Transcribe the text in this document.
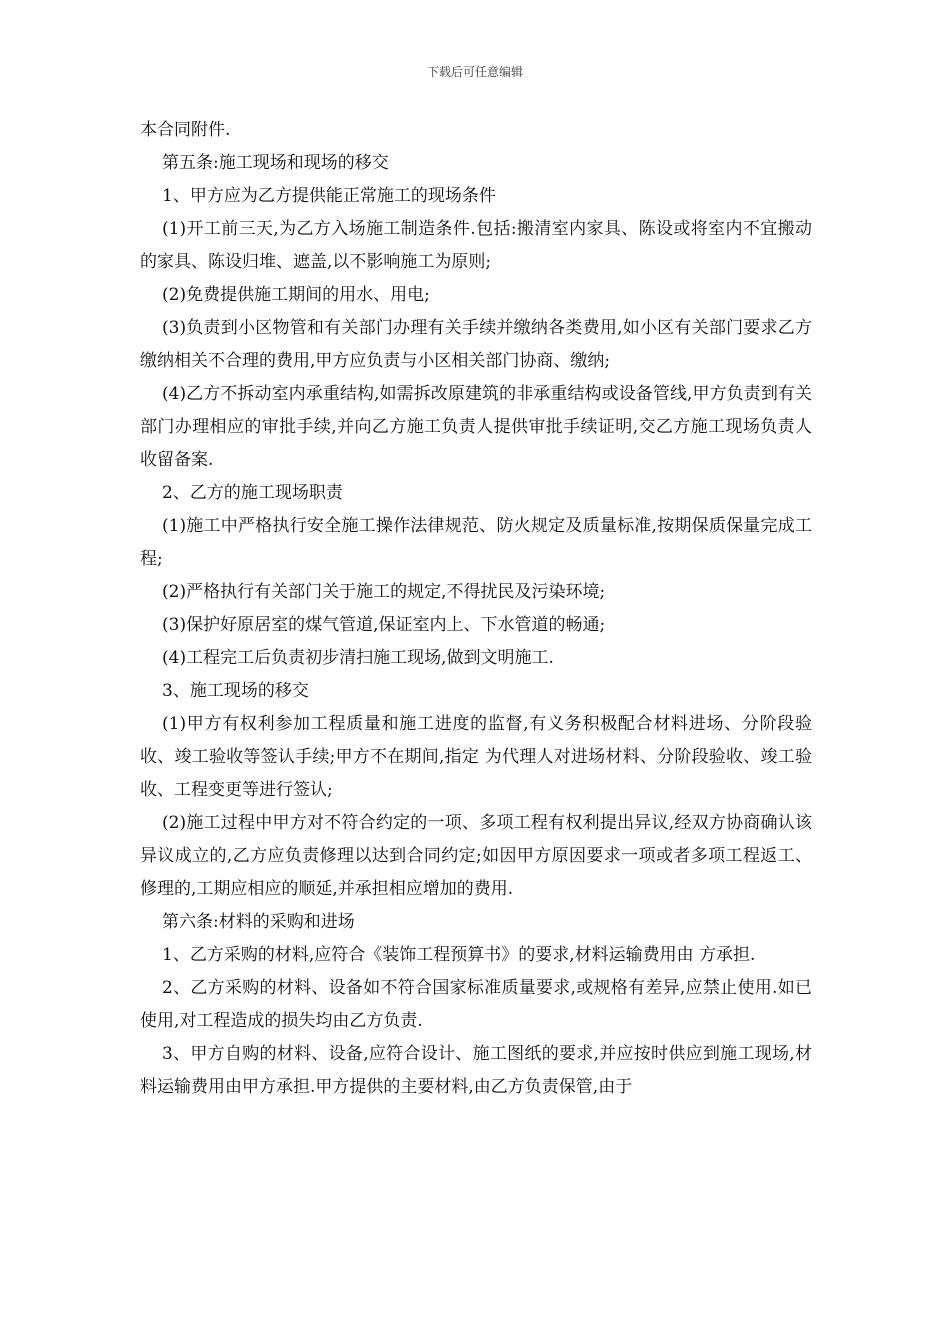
下载后可任意编辑

本合同附件.

第五条:施工现场和现场的移交

1、甲方应为乙方提供能正常施工的现场条件

(1)开工前三天,为乙方入场施工制造条件.包括:搬清室内家具、陈设或将室内不宜搬动的家具、陈设归堆、遮盖,以不影响施工为原则;

(2)免费提供施工期间的用水、用电;

(3)负责到小区物管和有关部门办理有关手续并缴纳各类费用,如小区有关部门要求乙方缴纳相关不合理的费用,甲方应负责与小区相关部门协商、缴纳;

(4)乙方不拆动室内承重结构,如需拆改原建筑的非承重结构或设备管线,甲方负责到有关部门办理相应的审批手续,并向乙方施工负责人提供审批手续证明,交乙方施工现场负责人收留备案.

2、乙方的施工现场职责

(1)施工中严格执行安全施工操作法律规范、防火规定及质量标准,按期保质保量完成工程;

(2)严格执行有关部门关于施工的规定,不得扰民及污染环境;

(3)保护好原居室的煤气管道,保证室内上、下水管道的畅通;

(4)工程完工后负责初步清扫施工现场,做到文明施工.

3、施工现场的移交

(1)甲方有权利参加工程质量和施工进度的监督,有义务积极配合材料进场、分阶段验收、竣工验收等签认手续;甲方不在期间,指定 为代理人对进场材料、分阶段验收、竣工验收、工程变更等进行签认;

(2)施工过程中甲方对不符合约定的一项、多项工程有权利提出异议,经双方协商确认该异议成立的,乙方应负责修理以达到合同约定;如因甲方原因要求一项或者多项工程返工、修理的,工期应相应的顺延,并承担相应增加的费用.

第六条:材料的采购和进场

1、乙方采购的材料,应符合《装饰工程预算书》的要求,材料运输费用由 方承担.

2、乙方采购的材料、设备如不符合国家标准质量要求,或规格有差异,应禁止使用.如已使用,对工程造成的损失均由乙方负责.

3、甲方自购的材料、设备,应符合设计、施工图纸的要求,并应按时供应到施工现场,材料运输费用由甲方承担.甲方提供的主要材料,由乙方负责保管,由于
